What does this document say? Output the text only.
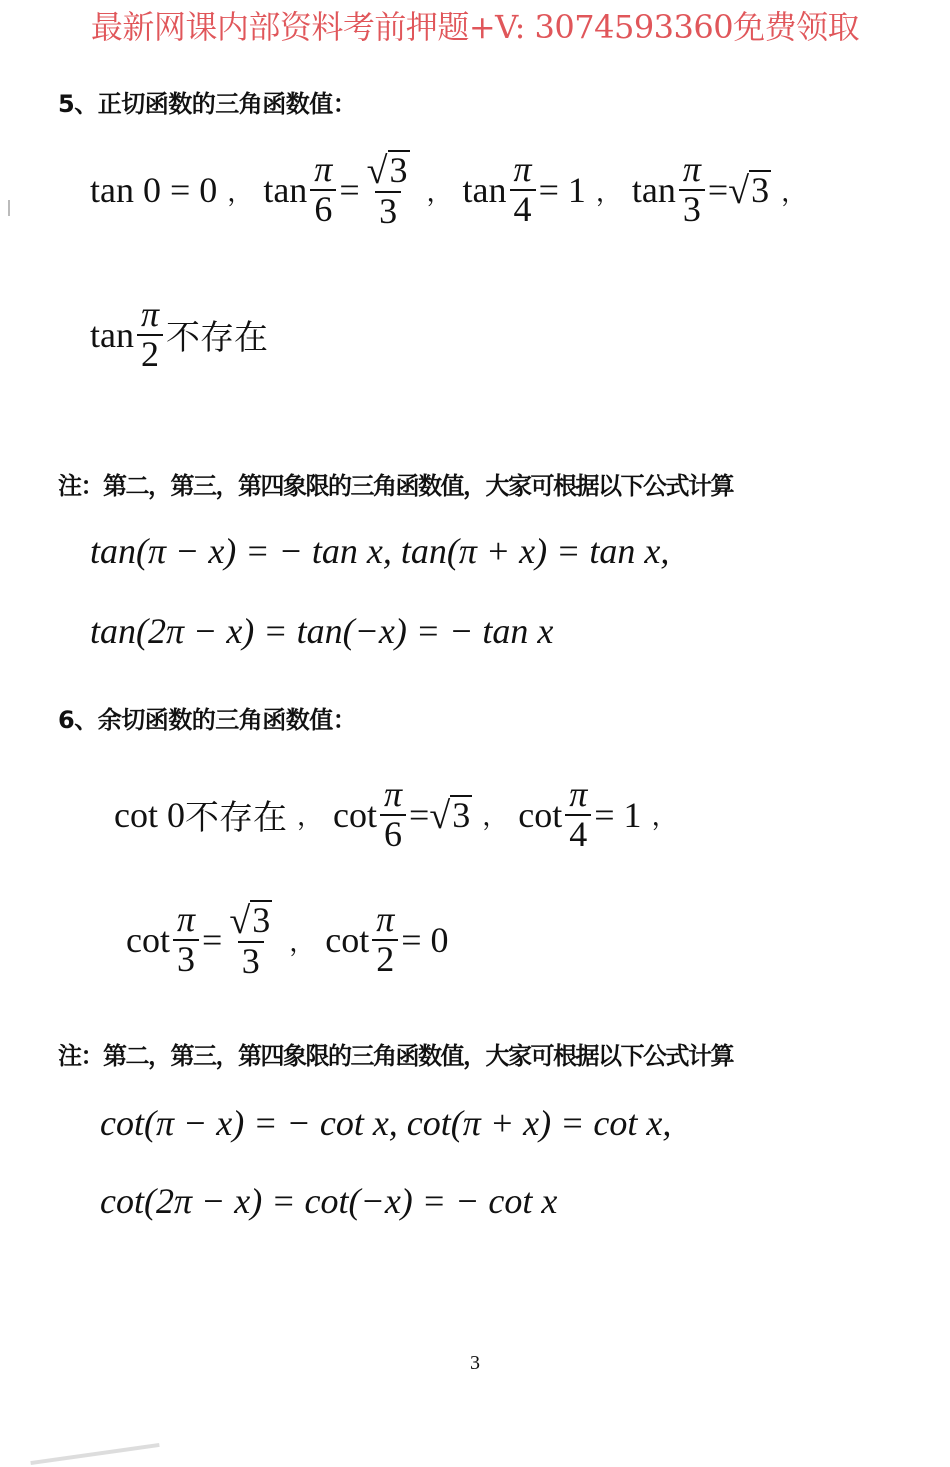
最新网课内部资料考前押题+V: 3074593360免费领取
5、正切函数的三角函数值：
tan 0 = 0 ， $\tan \frac{\pi}{6} = \frac{√ 3}{3}$ ， $\tan \frac{\pi}{4} = 1$ ， $\tan \frac{\pi}{3}$ = √ 3 ，
$\tan \frac{\pi}{2}$ 不存在
注：第二，第三，第四象限的三角函数值，大家可根据以下公式计算
tan(π − x) = − tan x, tan(π + x) = tan x,
tan(2π − x) = tan(−x) = − tan x
6、余切函数的三角函数值：
cot 0 不存在 ， $\cot \frac{\pi}{6}$ = √ 3 ， $\cot \frac{\pi}{4} = 1$ ，
$\cot \frac{\pi}{3} = \frac{√ 3}{3}$ ， $\cot \frac{\pi}{2} = 0$
注：第二，第三，第四象限的三角函数值，大家可根据以下公式计算
cot(π − x) = − cot x, cot(π + x) = cot x,
cot(2π − x) = cot(−x) = − cot x
3
